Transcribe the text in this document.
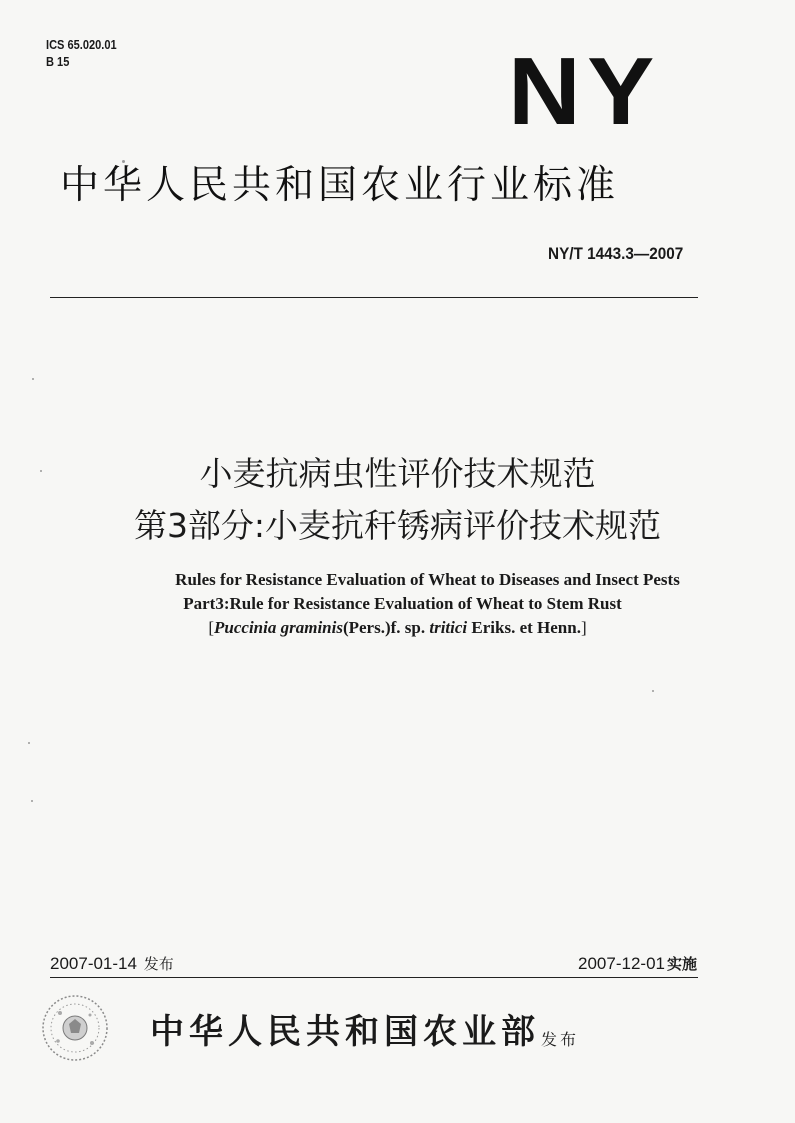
ICS 65.020.01
B 15	NY
中华人民共和国农业行业标准
NY/T 1443.3—2007
小麦抗病虫性评价技术规范
第3部分:小麦抗秆锈病评价技术规范
Rules for Resistance Evaluation of Wheat to Diseases and Insect Pests
Part3:Rule for Resistance Evaluation of Wheat to Stem Rust
[Puccinia graminis(Pers.)f. sp. tritici Eriks. et Henn.]
2007-01-14 发布	2007-12-01 实施
中华人民共和国农业部 发布
